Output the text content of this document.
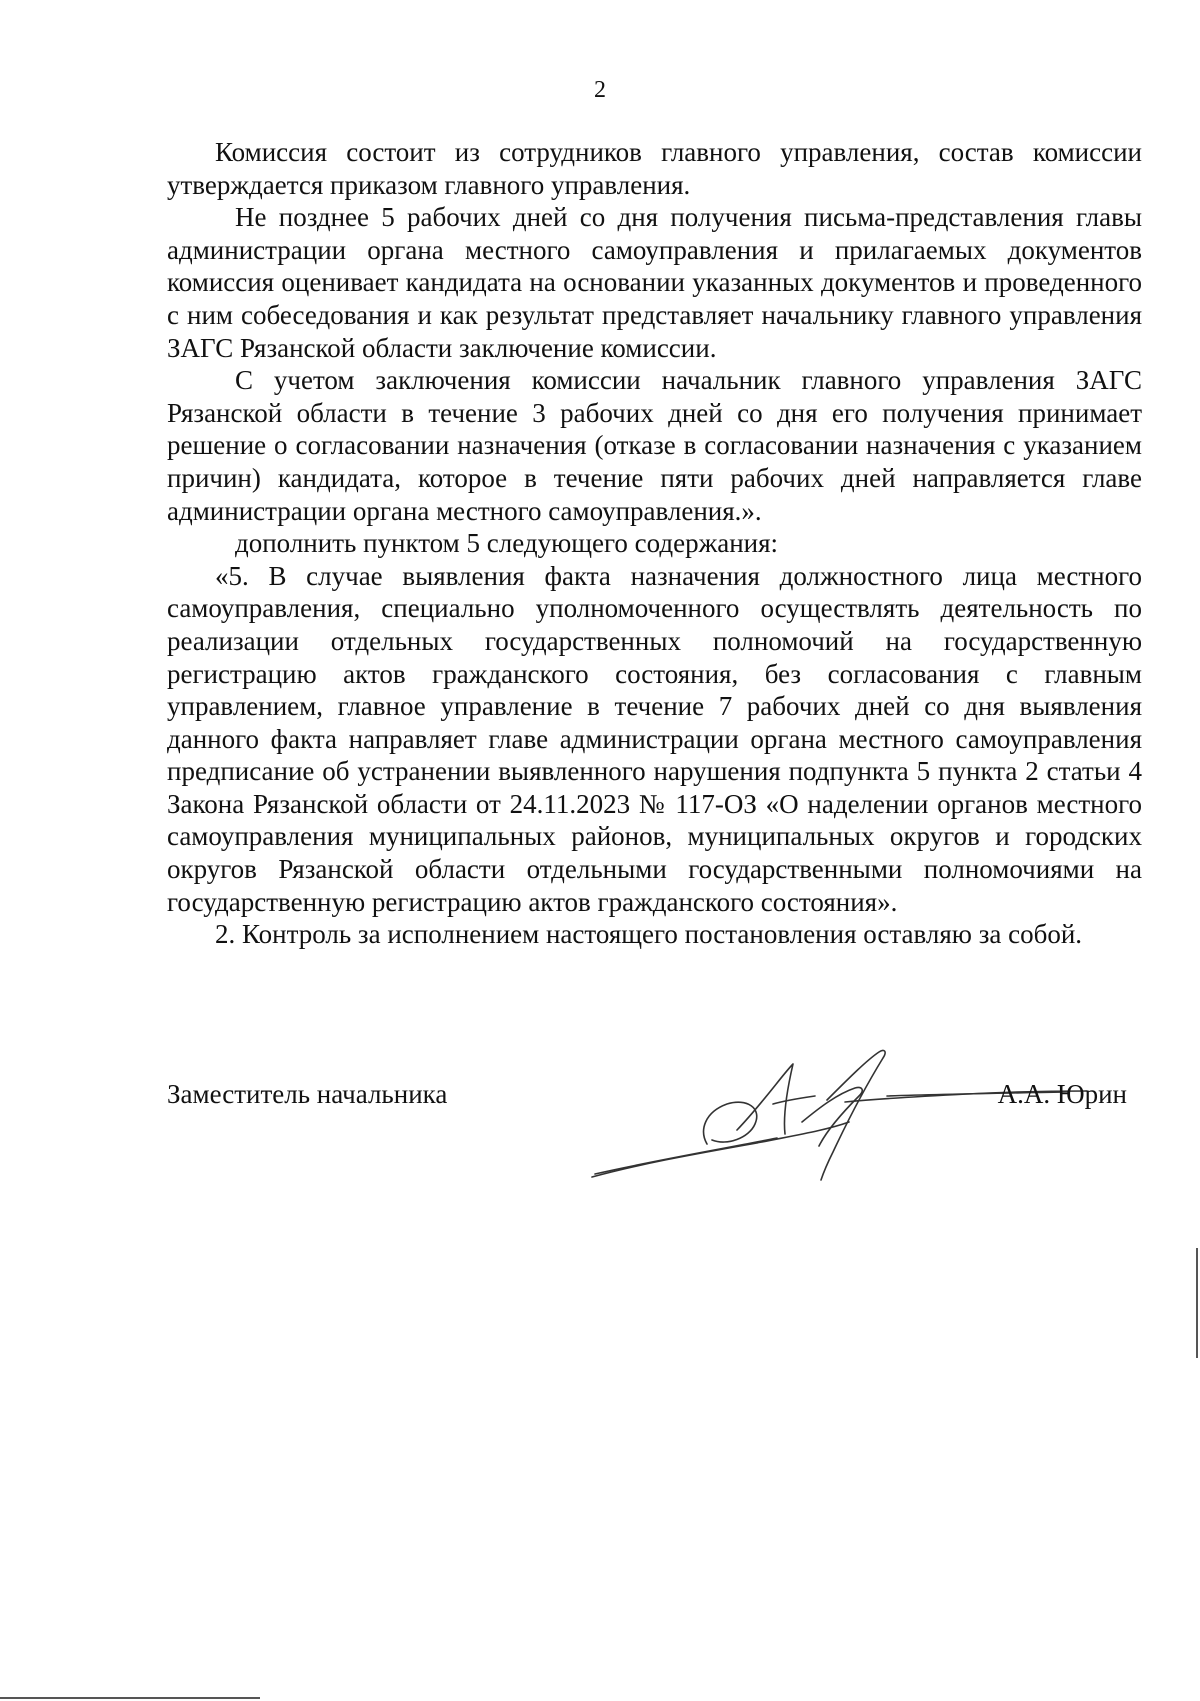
2

Комиссия состоит из сотрудников главного управления, состав комиссии утверждается приказом главного управления.

Не позднее 5 рабочих дней со дня получения письма-представления главы администрации органа местного самоуправления и прилагаемых документов комиссия оценивает кандидата на основании указанных документов и проведенного с ним собеседования и как результат представляет начальнику главного управления ЗАГС Рязанской области заключение комиссии.

С учетом заключения комиссии начальник главного управления ЗАГС Рязанской области в течение 3 рабочих дней со дня его получения принимает решение о согласовании назначения (отказе в согласовании назначения с указанием причин) кандидата, которое в течение пяти рабочих дней направляется главе администрации органа местного самоуправления.».

дополнить пунктом 5 следующего содержания:

«5. В случае выявления факта назначения должностного лица местного самоуправления, специально уполномоченного осуществлять деятельность по реализации отдельных государственных полномочий на государственную регистрацию актов гражданского состояния, без согласования с главным управлением, главное управление в течение 7 рабочих дней со дня выявления данного факта направляет главе администрации органа местного самоуправления предписание об устранении выявленного нарушения подпункта 5 пункта 2 статьи 4 Закона Рязанской области от 24.11.2023 № 117-ОЗ «О наделении органов местного самоуправления муниципальных районов, муниципальных округов и городских округов Рязанской области отдельными государственными полномочиями на государственную регистрацию актов гражданского состояния».

2. Контроль за исполнением настоящего постановления оставляю за собой.

Заместитель начальника	А.А. Юрин
